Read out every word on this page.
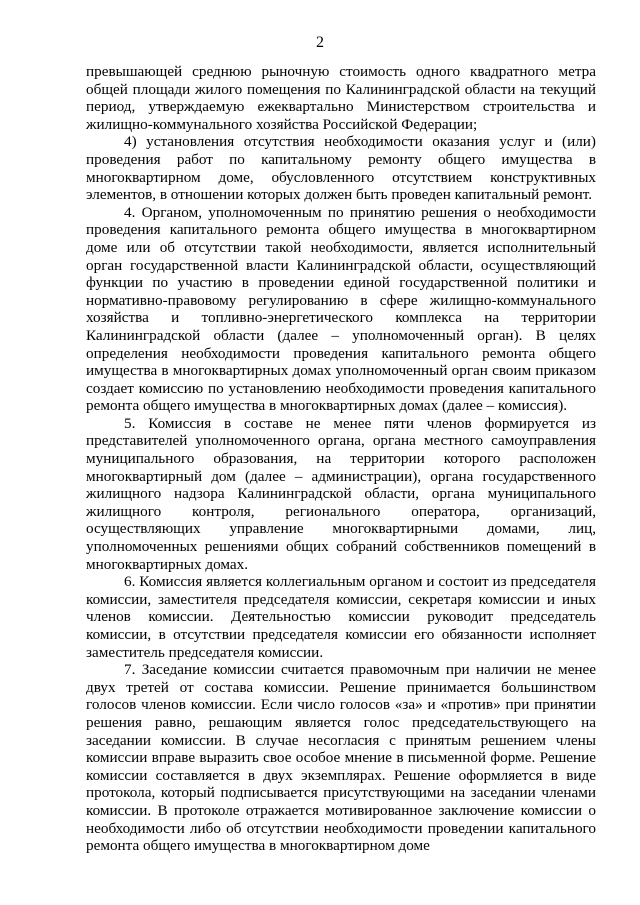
2

превышающей среднюю рыночную стоимость одного квадратного метра общей площади жилого помещения по Калининградской области на текущий период, утверждаемую ежеквартально Министерством строительства и жилищно-коммунального хозяйства Российской Федерации;

4) установления отсутствия необходимости оказания услуг и (или) проведения работ по капитальному ремонту общего имущества в многоквартирном доме, обусловленного отсутствием конструктивных элементов, в отношении которых должен быть проведен капитальный ремонт.

4. Органом, уполномоченным по принятию решения о необходимости проведения капитального ремонта общего имущества в многоквартирном доме или об отсутствии такой необходимости, является исполнительный орган государственной власти Калининградской области, осуществляющий функции по участию в проведении единой государственной политики и нормативно-правовому регулированию в сфере жилищно-коммунального хозяйства и топливно-энергетического комплекса на территории Калининградской области (далее – уполномоченный орган). В целях определения необходимости проведения капитального ремонта общего имущества в многоквартирных домах уполномоченный орган своим приказом создает комиссию по установлению необходимости проведения капитального ремонта общего имущества в многоквартирных домах (далее – комиссия).

5. Комиссия в составе не менее пяти членов формируется из представителей уполномоченного органа, органа местного самоуправления муниципального образования, на территории которого расположен многоквартирный дом (далее – администрации), органа государственного жилищного надзора Калининградской области, органа муниципального жилищного контроля, регионального оператора, организаций, осуществляющих управление многоквартирными домами, лиц, уполномоченных решениями общих собраний собственников помещений в многоквартирных домах.

6. Комиссия является коллегиальным органом и состоит из председателя комиссии, заместителя председателя комиссии, секретаря комиссии и иных членов комиссии. Деятельностью комиссии руководит председатель комиссии, в отсутствии председателя комиссии его обязанности исполняет заместитель председателя комиссии.

7. Заседание комиссии считается правомочным при наличии не менее двух третей от состава комиссии. Решение принимается большинством голосов членов комиссии. Если число голосов «за» и «против» при принятии решения равно, решающим является голос председательствующего на заседании комиссии. В случае несогласия с принятым решением члены комиссии вправе выразить свое особое мнение в письменной форме. Решение комиссии составляется в двух экземплярах. Решение оформляется в виде протокола, который подписывается присутствующими на заседании членами комиссии. В протоколе отражается мотивированное заключение комиссии о необходимости либо об отсутствии необходимости проведении капитального ремонта общего имущества в многоквартирном доме
